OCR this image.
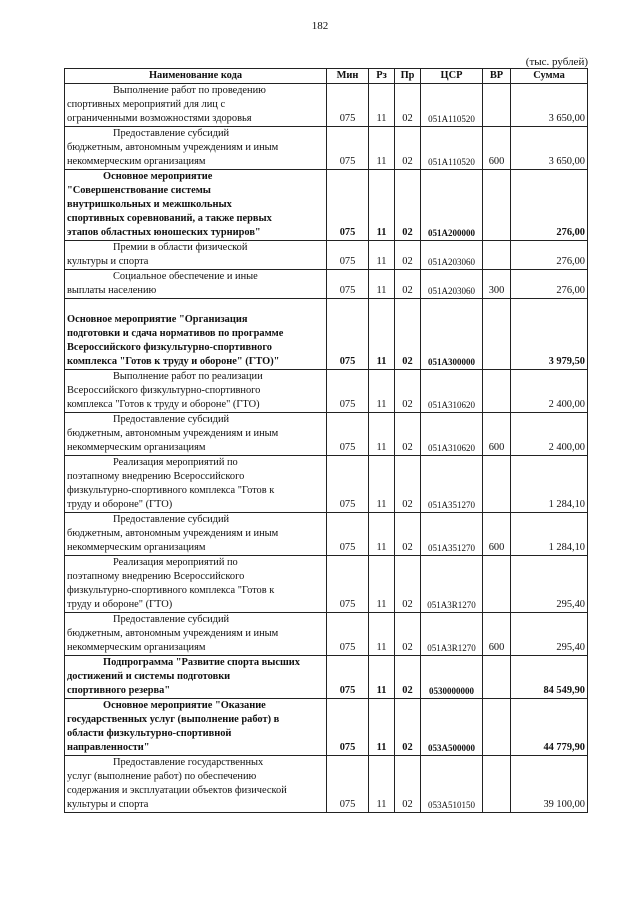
182
(тыс. рублей)
Наименование кода	Мин	Рз	Пр	ЦСР	ВР	Сумма

Выполнение работ по проведению
спортивных мероприятий для лиц с
ограниченными возможностями здоровья	075	11	02	051А110520		3 650,00

Предоставление субсидий
бюджетным, автономным учреждениям и иным
некоммерческим организациям	075	11	02	051А110520	600	3 650,00

Основное мероприятие
"Совершенствование системы
внутришкольных и межшкольных
спортивных соревнований, а также первых
этапов областных юношеских турниров"	075	11	02	051А200000		276,00

Премии в области физической
культуры и спорта	075	11	02	051А203060		276,00

Социальное обеспечение и иные
выплаты населению	075	11	02	051А203060	300	276,00

Основное мероприятие "Организация
подготовки и сдача нормативов по программе
Всероссийского физкультурно-спортивного
комплекса "Готов к труду и обороне" (ГТО)"	075	11	02	051А300000		3 979,50

Выполнение работ по реализации
Всероссийского физкультурно-спортивного
комплекса "Готов к труду и обороне" (ГТО)	075	11	02	051А310620		2 400,00

Предоставление субсидий
бюджетным, автономным учреждениям и иным
некоммерческим организациям	075	11	02	051А310620	600	2 400,00

Реализация мероприятий по
поэтапному внедрению Всероссийского
физкультурно-спортивного комплекса "Готов к
труду и обороне" (ГТО)	075	11	02	051А351270		1 284,10

Предоставление субсидий
бюджетным, автономным учреждениям и иным
некоммерческим организациям	075	11	02	051А351270	600	1 284,10

Реализация мероприятий по
поэтапному внедрению Всероссийского
физкультурно-спортивного комплекса "Готов к
труду и обороне" (ГТО)	075	11	02	051А3R1270		295,40

Предоставление субсидий
бюджетным, автономным учреждениям и иным
некоммерческим организациям	075	11	02	051А3R1270	600	295,40

Подпрограмма "Развитие спорта высших
достижений и системы подготовки
спортивного резерва"	075	11	02	0530000000		84 549,90

Основное мероприятие "Оказание
государственных услуг (выполнение работ) в
области физкультурно-спортивной
направленности"	075	11	02	053А500000		44 779,90

Предоставление государственных
услуг (выполнение работ) по обеспечению
содержания и эксплуатации объектов физической
культуры и спорта	075	11	02	053А510150		39 100,00
